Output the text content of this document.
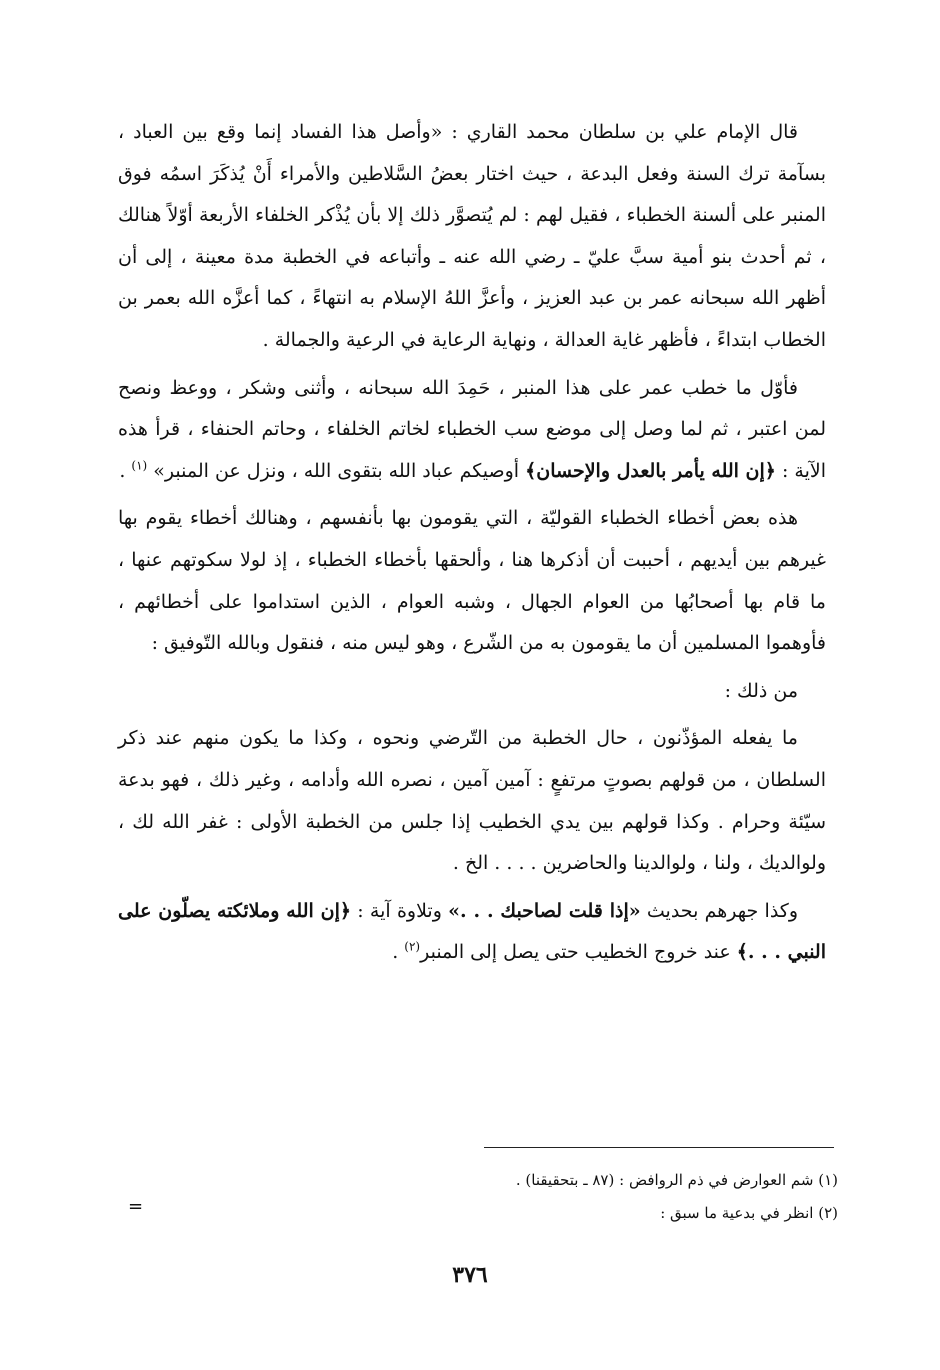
قال الإمام علي بن سلطان محمد القاري : «وأصل هذا الفساد إنما وقع بين العباد ، بسآمة ترك السنة وفعل البدعة ، حيث اختار بعضُ السَّلاطين والأمراء أَنْ يُذكَرَ اسمُه فوق المنبر على ألسنة الخطباء ، فقيل لهم : لم يُتصوَّر ذلك إلا بأن يُذْكر الخلفاء الأربعة أوّلاً هنالك ، ثم أحدث بنو أمية سبَّ عليّ ـ رضي الله عنه ـ وأتباعه في الخطبة مدة معينة ، إلى أن أظهر الله سبحانه عمر بن عبد العزيز ، وأعزَّ اللهُ الإسلام به انتهاءً ، كما أعزَّه الله بعمر بن الخطاب ابتداءً ، فأظهر غاية العدالة ، ونهاية الرعاية في الرعية والجمالة .

فأوّل ما خطب عمر على هذا المنبر ، حَمِدَ الله سبحانه ، وأثنى وشكر ، ووعظ ونصح لمن اعتبر ، ثم لما وصل إلى موضع سب الخطباء لخاتم الخلفاء ، وحاتم الحنفاء ، قرأ هذه الآية : ﴿إن الله يأمر بالعدل والإحسان﴾ أوصيكم عباد الله بتقوى الله ، ونزل عن المنبر» $^{(١)}$ .

هذه بعض أخطاء الخطباء القوليّة ، التي يقومون بها بأنفسهم ، وهنالك أخطاء يقوم بها غيرهم بين أيديهم ، أحببت أن أذكرها هنا ، وألحقها بأخطاء الخطباء ، إذ لولا سكوتهم عنها ، ما قام بها أصحابُها من العوام الجهال ، وشبه العوام ، الذين استداموا على أخطائهم ، فأوهموا المسلمين أن ما يقومون به من الشّرع ، وهو ليس منه ، فنقول وبالله التّوفيق :

من ذلك :

ما يفعله المؤذّنون ، حال الخطبة من التّرضي ونحوه ، وكذا ما يكون منهم عند ذكر السلطان ، من قولهم بصوتٍ مرتفعٍ : آمين آمين ، نصره الله وأدامه ، وغير ذلك ، فهو بدعة سيّئة وحرام . وكذا قولهم بين يدي الخطيب إذا جلس من الخطبة الأولى : غفر الله لك ، ولوالديك ، ولنا ، ولوالدينا والحاضرين . . . . الخ .

وكذا جهرهم بحديث «إذا قلت لصاحبك . . .» وتلاوة آية : ﴿إن الله وملائكته يصلّون على النبي . . .﴾ عند خروج الخطيب حتى يصل إلى المنبر$^{(٢)}$ .

(١) شم العوارض في ذم الروافض : (٨٧ ـ بتحقيقنا) .

(٢) انظر في بدعية ما سبق :

=
٣٧٦
